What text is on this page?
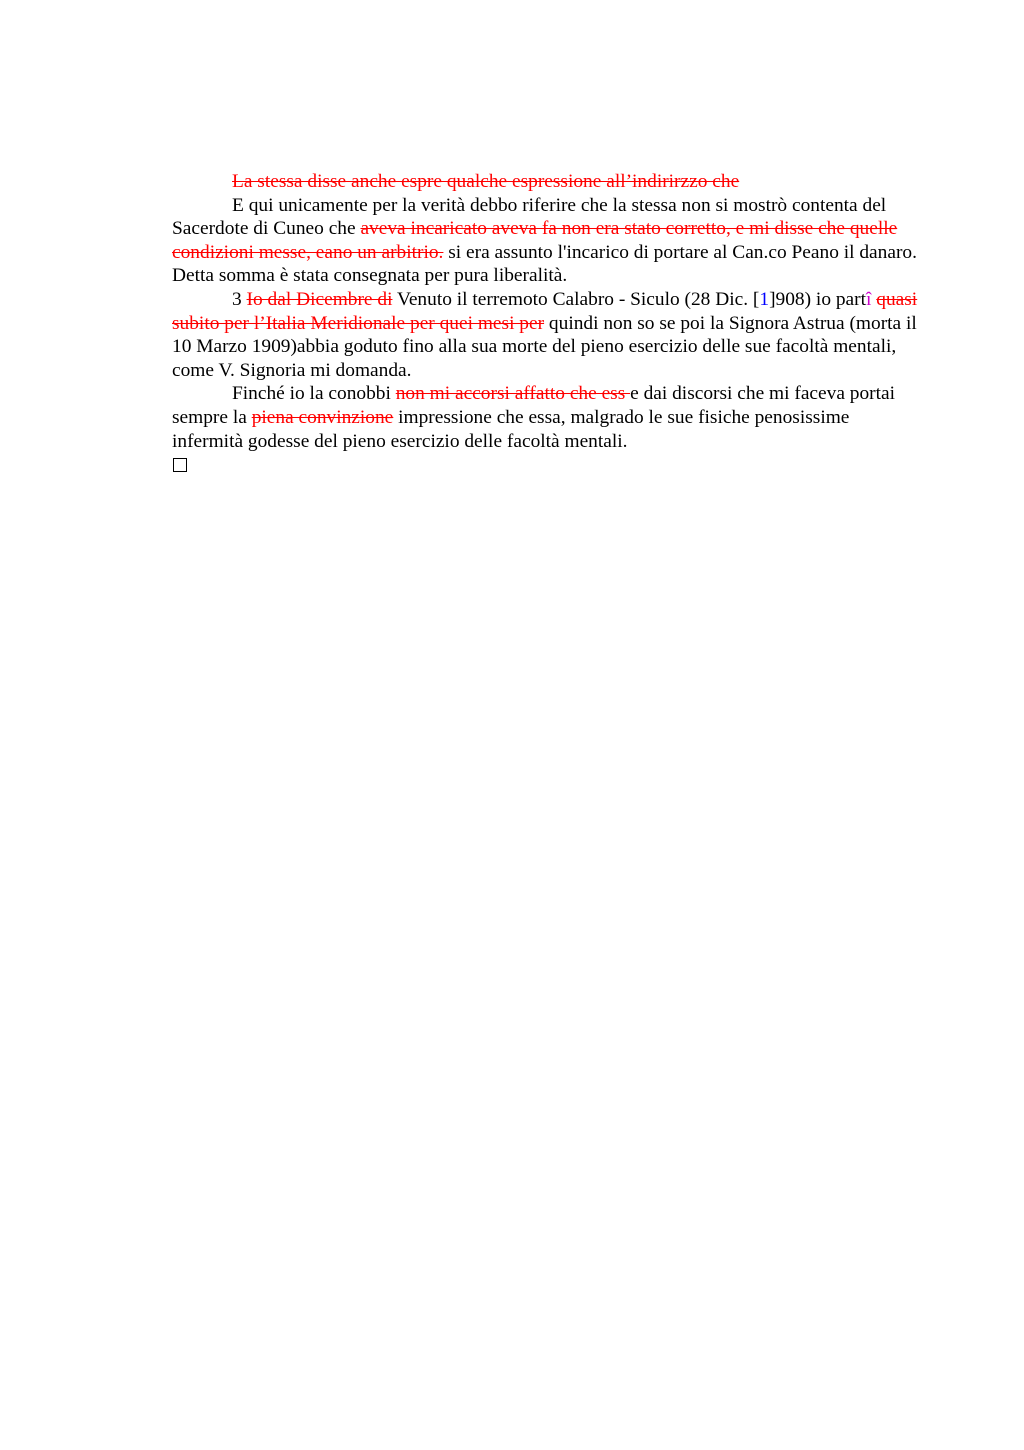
La stessa disse anche espre qualche espressione all’indirirzzo che

E qui unicamente per la verità debbo riferire che la stessa non si mostrò contenta del Sacerdote di Cuneo che aveva incaricato aveva fa non era stato corretto, e mi disse che quelle condizioni messe, eano un arbitrio. si era assunto l'incarico di portare al Can.co Peano il danaro. Detta somma è stata consegnata per pura liberalità.

3 Io dal Dicembre di Venuto il terremoto Calabro - Siculo (28 Dic. [1]908) io partî quasi subito per l’Italia Meridionale per quei mesi per quindi non so se poi la Signora Astrua (morta il 10 Marzo 1909)abbia goduto fino alla sua morte del pieno esercizio delle sue facoltà mentali, come V. Signoria mi domanda.

Finché io la conobbi non mi accorsi affatto che ess e dai discorsi che mi faceva portai sempre la piena convinzione impressione che essa, malgrado le sue fisiche penosissime infermità godesse del pieno esercizio delle facoltà mentali.
